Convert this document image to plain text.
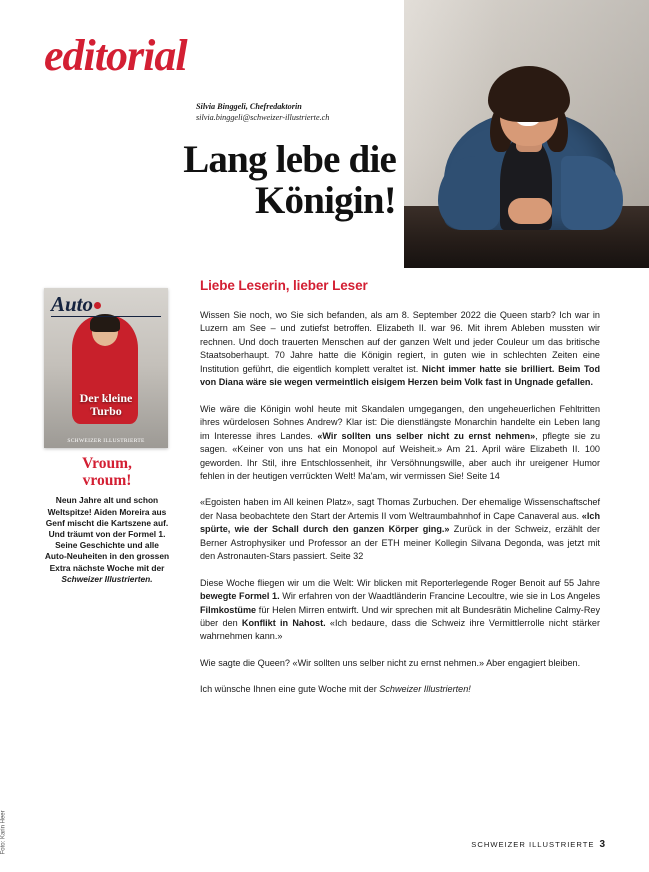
editorial
Silvia Binggeli, Chefredaktorin
silvia.binggeli@schweizer-illustrierte.ch
Lang lebe die Königin!
Auto
Der kleine
Turbo
SCHWEIZER ILLUSTRIERTE
Vroum,
vroum!
Neun Jahre alt und schon Weltspitze! Aiden Moreira aus Genf mischt die Kartszene auf. Und träumt von der Formel 1. Seine Geschichte und alle Auto-Neuheiten in den grossen Extra nächste Woche mit der Schweizer Illustrierten.
Foto: Karin Heer
Liebe Leserin, lieber Leser

Wissen Sie noch, wo Sie sich befanden, als am 8. September 2022 die Queen starb? Ich war in Luzern am See – und zutiefst betroffen. Elizabeth II. war 96. Mit ihrem Ableben mussten wir rechnen. Und doch trauerten Menschen auf der ganzen Welt und jeder Couleur um das britische Staatsoberhaupt. 70 Jahre hatte die Königin regiert, in guten wie in schlechten Zeiten eine Institution geführt, die eigentlich komplett veraltet ist. Nicht immer hatte sie brilliert. Beim Tod von Diana wäre sie wegen vermeintlich eisigem Herzen beim Volk fast in Ungnade gefallen.

Wie wäre die Königin wohl heute mit Skandalen umgegangen, den ungeheuerlichen Fehltritten ihres würdelosen Sohnes Andrew? Klar ist: Die dienstlängste Monarchin handelte ein Leben lang im Interesse ihres Landes. «Wir sollten uns selber nicht zu ernst nehmen», pflegte sie zu sagen. «Keiner von uns hat ein Monopol auf Weisheit.» Am 21. April wäre Elizabeth II. 100 geworden. Ihr Stil, ihre Entschlossenheit, ihr Versöhnungswille, aber auch ihr ureigener Humor fehlen in der heutigen verrückten Welt! Ma'am, wir vermissen Sie! Seite 14

«Egoisten haben im All keinen Platz», sagt Thomas Zurbuchen. Der ehemalige Wissenschaftschef der Nasa beobachtete den Start der Artemis II vom Weltraumbahnhof in Cape Canaveral aus. «Ich spürte, wie der Schall durch den ganzen Körper ging.» Zurück in der Schweiz, erzählt der Berner Astrophysiker und Professor an der ETH meiner Kollegin Silvana Degonda, was jetzt mit den Astronauten-Stars passiert. Seite 32

Diese Woche fliegen wir um die Welt: Wir blicken mit Reporterlegende Roger Benoit auf 55 Jahre bewegte Formel 1. Wir erfahren von der Waadtländerin Francine Lecoultre, wie sie in Los Angeles Filmkostüme für Helen Mirren entwirft. Und wir sprechen mit alt Bundesrätin Micheline Calmy-Rey über den Konflikt in Nahost. «Ich bedaure, dass die Schweiz ihre Vermittlerrolle nicht stärker wahrnehmen kann.»

Wie sagte die Queen? «Wir sollten uns selber nicht zu ernst nehmen.» Aber engagiert bleiben.

Ich wünsche Ihnen eine gute Woche mit der Schweizer Illustrierten!

SCHWEIZER ILLUSTRIERTE 3
